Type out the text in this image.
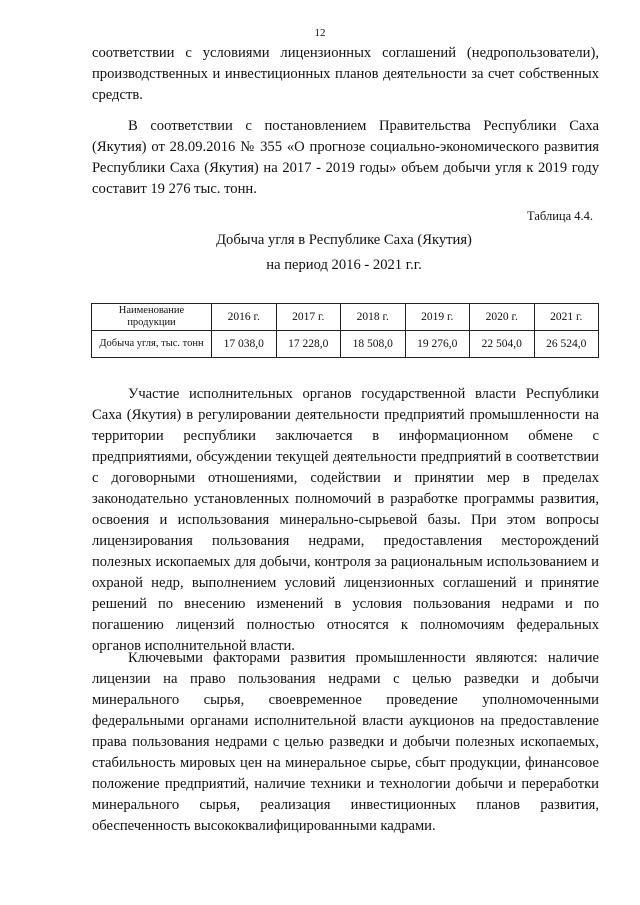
12

соответствии с условиями лицензионных соглашений (недропользователи), производственных и инвестиционных планов деятельности за счет собственных средств.

В соответствии с постановлением Правительства Республики Саха (Якутия) от 28.09.2016 № 355 «О прогнозе социально-экономического развития Республики Саха (Якутия) на 2017 - 2019 годы» объем добычи угля к 2019 году составит 19 276 тыс. тонн.

Таблица 4.4.
Добыча угля в Республике Саха (Якутия)
на период 2016 - 2021 г.г.
Наименование продукции	2016 г.	2017 г.	2018 г.	2019 г.	2020 г.	2021 г.
Добыча угля, тыс. тонн	17 038,0	17 228,0	18 508,0	19 276,0	22 504,0	26 524,0

Участие исполнительных органов государственной власти Республики Саха (Якутия) в регулировании деятельности предприятий промышленности на территории республики заключается в информационном обмене с предприятиями, обсуждении текущей деятельности предприятий в соответствии с договорными отношениями, содействии и принятии мер в пределах законодательно установленных полномочий в разработке программы развития, освоения и использования минерально-сырьевой базы. При этом вопросы лицензирования пользования недрами, предоставления месторождений полезных ископаемых для добычи, контроля за рациональным использованием и охраной недр, выполнением условий лицензионных соглашений и принятие решений по внесению изменений в условия пользования недрами и по погашению лицензий полностью относятся к полномочиям федеральных органов исполнительной власти.

Ключевыми факторами развития промышленности являются: наличие лицензии на право пользования недрами с целью разведки и добычи минерального сырья, своевременное проведение уполномоченными федеральными органами исполнительной власти аукционов на предоставление права пользования недрами с целью разведки и добычи полезных ископаемых, стабильность мировых цен на минеральное сырье, сбыт продукции, финансовое положение предприятий, наличие техники и технологии добычи и переработки минерального сырья, реализация инвестиционных планов развития, обеспеченность высококвалифицированными кадрами.
